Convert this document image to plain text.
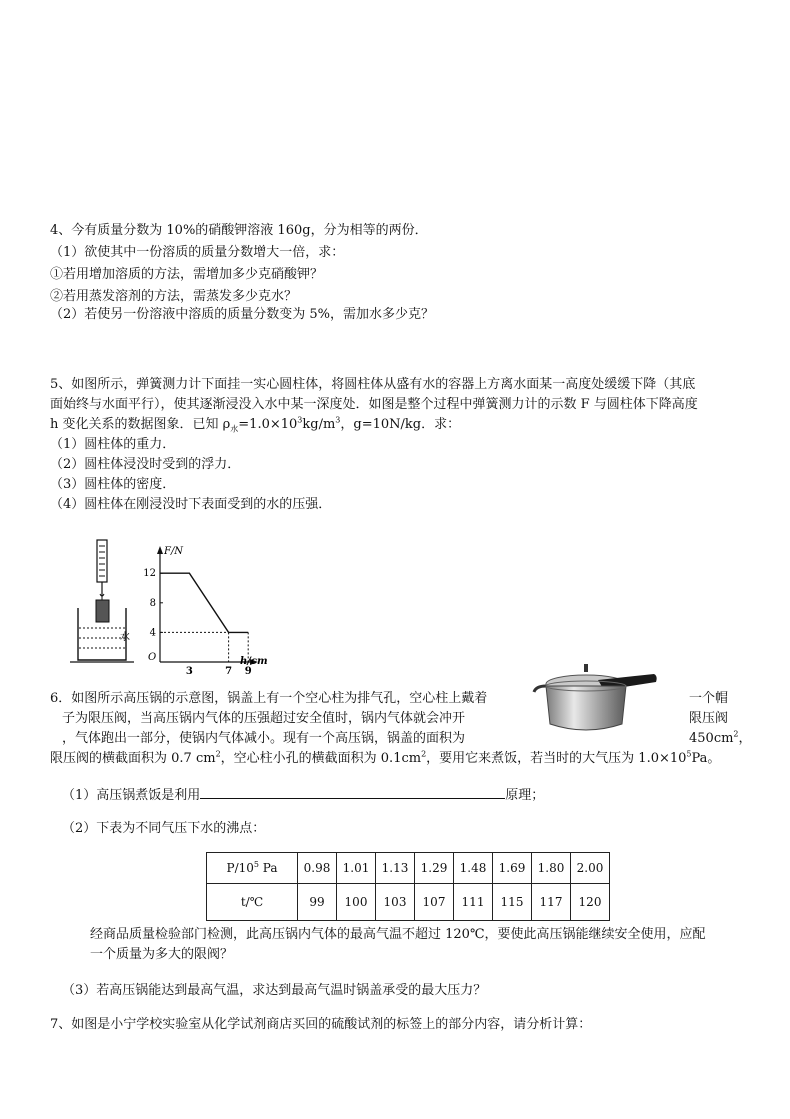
4、今有质量分数为 10%的硝酸钾溶液 160g，分为相等的两份．
（1）欲使其中一份溶质的质量分数增大一倍，求：
①若用增加溶质的方法，需增加多少克硝酸钾？
②若用蒸发溶剂的方法，需蒸发多少克水？
（2）若使另一份溶液中溶质的质量分数变为 5%，需加水多少克？
5、如图所示，弹簧测力计下面挂一实心圆柱体，将圆柱体从盛有水的容器上方离水面某一高度处缓缓下降（其底
面始终与水面平行），使其逐渐浸没入水中某一深度处．如图是整个过程中弹簧测力计的示数 F 与圆柱体下降高度
h 变化关系的数据图象．已知 $\rho_水=1.0\times 10^3kg/m^3$，g=10N/kg．求：
（1）圆柱体的重力．
（2）圆柱体浸没时受到的浮力．
（3）圆柱体的密度．
（4）圆柱体在刚浸没时下表面受到的水的压强．
水
F/N
h/cm
O
12
8
4
3	7 9
6．如图所示高压锅的示意图，锅盖上有一个空心柱为排气孔，空心柱上戴着	一个帽
子为限压阀，当高压锅内气体的压强超过安全值时，锅内气体就会冲开	限压阀
，气体跑出一部分，使锅内气体减小。现有一个高压锅，锅盖的面积为	$450cm^2$，
限压阀的横截面积为 0.7 $cm^2$，空心柱小孔的横截面积为 $0.1cm^2$，要用它来煮饭，若当时的大气压为 $1.0\times 10^5Pa$。
（1）高压锅煮饭是利用	原理；
（2）下表为不同气压下水的沸点：
$P/10^5$ Pa	0.98	1.01	1.13	1.29	1.48	1.69	1.80	2.00
t/℃	99	100	103	107	111	115	117	120
经商品质量检验部门检测，此高压锅内气体的最高气温不超过 120℃，要使此高压锅能继续安全使用，应配
一个质量为多大的限阀？
（3）若高压锅能达到最高气温，求达到最高气温时锅盖承受的最大压力？
7、如图是小宁学校实验室从化学试剂商店买回的硫酸试剂的标签上的部分内容，请分析计算：
